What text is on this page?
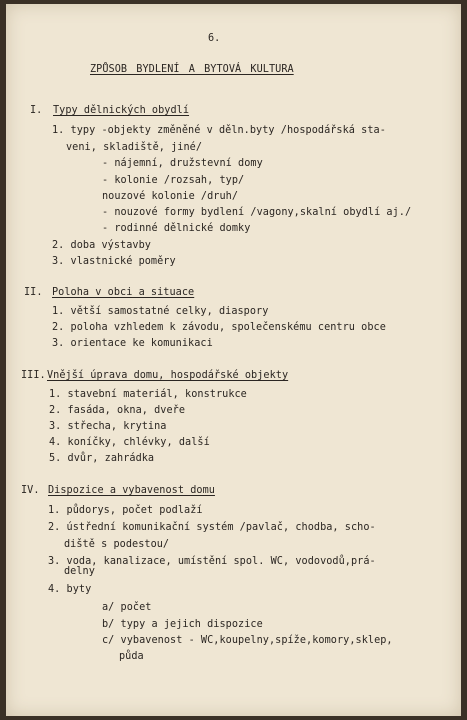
6.
ZPŮSOB BYDLENÍ A BYTOVÁ KULTURA
I. Typy dělnických obydlí
1. typy -objekty změněné v děln.byty /hospodářská sta-
veni, skladiště, jiné/
- nájemní, družstevní domy
- kolonie /rozsah, typ/
nouzové kolonie /druh/
- nouzové formy bydlení /vagony,skalní obydlí aj./
- rodinné dělnické domky
2. doba výstavby
3. vlastnické poměry
II. Poloha v obci a situace
1. větší samostatné celky, diaspory
2. poloha vzhledem k závodu, společenskému centru obce
3. orientace ke komunikaci
III. Vnější úprava domu, hospodářské objekty
1. stavební materiál, konstrukce
2. fasáda, okna, dveře
3. střecha, krytina
4. koníčky, chlévky, další
5. dvůr, zahrádka
IV. Dispozice a vybavenost domu
1. půdorys, počet podlaží
2. ústřední komunikační systém /pavlač, chodba, scho-
diště s podestou/
3. voda, kanalizace, umístění spol. WC, vodovodů,prá-
delny
4. byty
a/ počet
b/ typy a jejich dispozice
c/ vybavenost - WC,koupelny,spíže,komory,sklep,
půda
